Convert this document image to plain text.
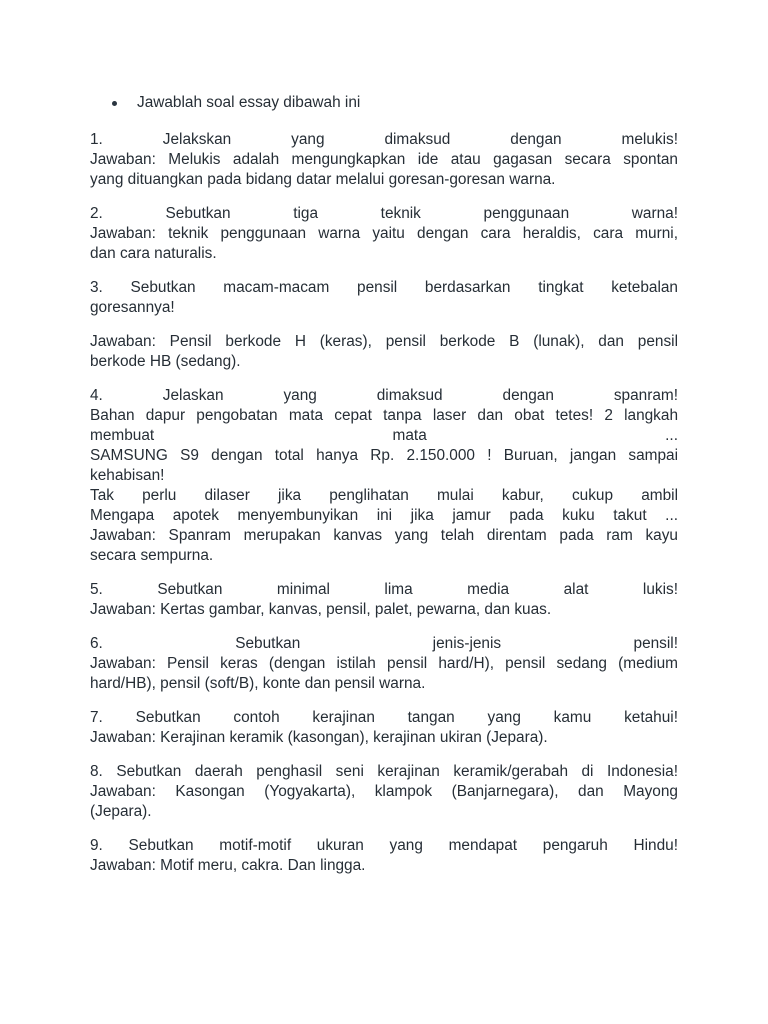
Jawablah soal essay dibawah ini
1. Jelakskan yang dimaksud dengan melukis!
Jawaban: Melukis adalah mengungkapkan ide atau gagasan secara spontan
yang dituangkan pada bidang datar melalui goresan-goresan warna.
2. Sebutkan tiga teknik penggunaan warna!
Jawaban: teknik penggunaan warna yaitu dengan cara heraldis, cara murni,
dan cara naturalis.
3. Sebutkan macam-macam pensil berdasarkan tingkat ketebalan
goresannya!
Jawaban: Pensil berkode H (keras), pensil berkode B (lunak), dan pensil
berkode HB (sedang).
4. Jelaskan yang dimaksud dengan spanram!
Bahan dapur pengobatan mata cepat tanpa laser dan obat tetes! 2 langkah
membuat mata ...
SAMSUNG S9 dengan total hanya Rp. 2.150.000 ! Buruan, jangan sampai
kehabisan!
Tak perlu dilaser jika penglihatan mulai kabur, cukup ambil
Mengapa apotek menyembunyikan ini jika jamur pada kuku takut ...
Jawaban: Spanram merupakan kanvas yang telah direntam pada ram kayu
secara sempurna.
5. Sebutkan minimal lima media alat lukis!
Jawaban: Kertas gambar, kanvas, pensil, palet, pewarna, dan kuas.
6. Sebutkan jenis-jenis pensil!
Jawaban: Pensil keras (dengan istilah pensil hard/H), pensil sedang (medium
hard/HB), pensil (soft/B), konte dan pensil warna.
7. Sebutkan contoh kerajinan tangan yang kamu ketahui!
Jawaban: Kerajinan keramik (kasongan), kerajinan ukiran (Jepara).
8. Sebutkan daerah penghasil seni kerajinan keramik/gerabah di Indonesia!
Jawaban: Kasongan (Yogyakarta), klampok (Banjarnegara), dan Mayong
(Jepara).
9. Sebutkan motif-motif ukuran yang mendapat pengaruh Hindu!
Jawaban: Motif meru, cakra. Dan lingga.
